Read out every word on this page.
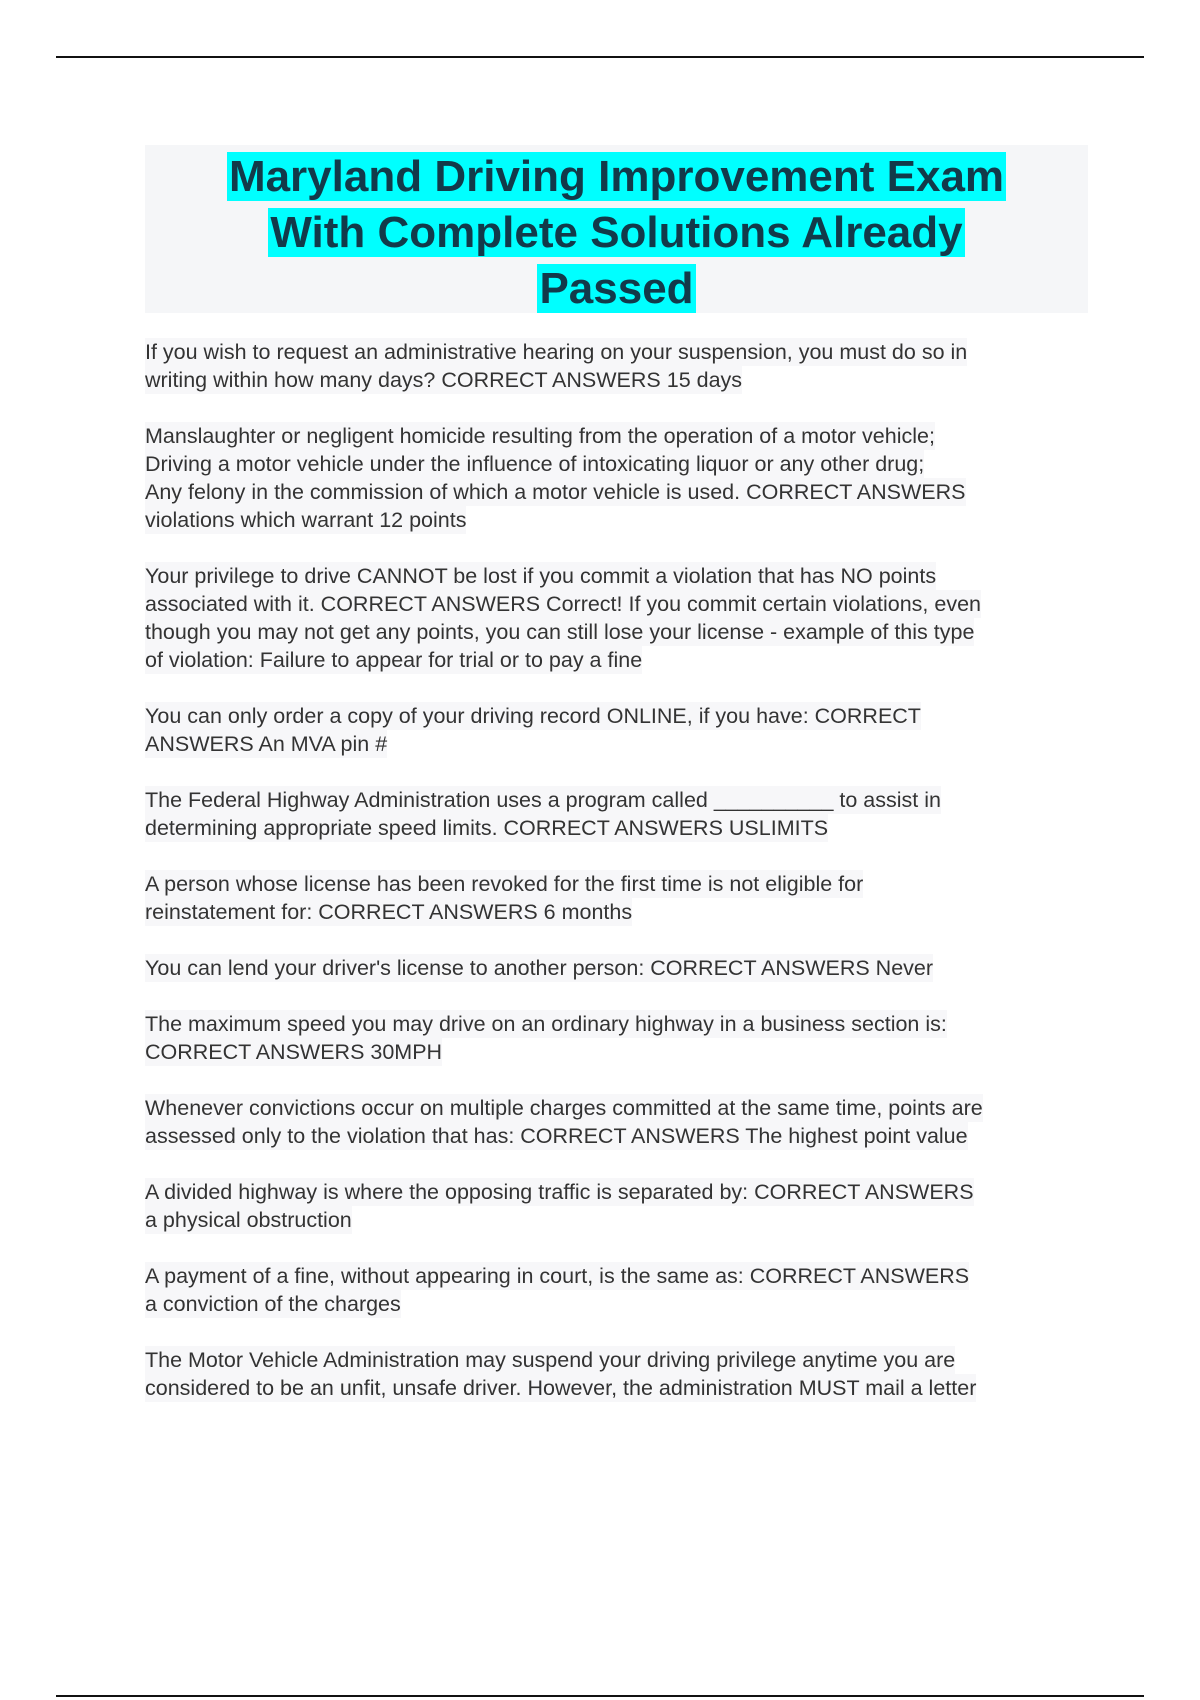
Maryland Driving Improvement Exam
With Complete Solutions Already
Passed
If you wish to request an administrative hearing on your suspension, you must do so in
writing within how many days? CORRECT ANSWERS 15 days

Manslaughter or negligent homicide resulting from the operation of a motor vehicle;
Driving a motor vehicle under the influence of intoxicating liquor or any other drug;
Any felony in the commission of which a motor vehicle is used. CORRECT ANSWERS
violations which warrant 12 points

Your privilege to drive CANNOT be lost if you commit a violation that has NO points
associated with it. CORRECT ANSWERS Correct! If you commit certain violations, even
though you may not get any points, you can still lose your license - example of this type
of violation: Failure to appear for trial or to pay a fine

You can only order a copy of your driving record ONLINE, if you have: CORRECT
ANSWERS An MVA pin #

The Federal Highway Administration uses a program called __________ to assist in
determining appropriate speed limits. CORRECT ANSWERS USLIMITS

A person whose license has been revoked for the first time is not eligible for
reinstatement for: CORRECT ANSWERS 6 months

You can lend your driver's license to another person: CORRECT ANSWERS Never

The maximum speed you may drive on an ordinary highway in a business section is:
CORRECT ANSWERS 30MPH

Whenever convictions occur on multiple charges committed at the same time, points are
assessed only to the violation that has: CORRECT ANSWERS The highest point value

A divided highway is where the opposing traffic is separated by: CORRECT ANSWERS
a physical obstruction

A payment of a fine, without appearing in court, is the same as: CORRECT ANSWERS
a conviction of the charges

The Motor Vehicle Administration may suspend your driving privilege anytime you are
considered to be an unfit, unsafe driver. However, the administration MUST mail a letter
